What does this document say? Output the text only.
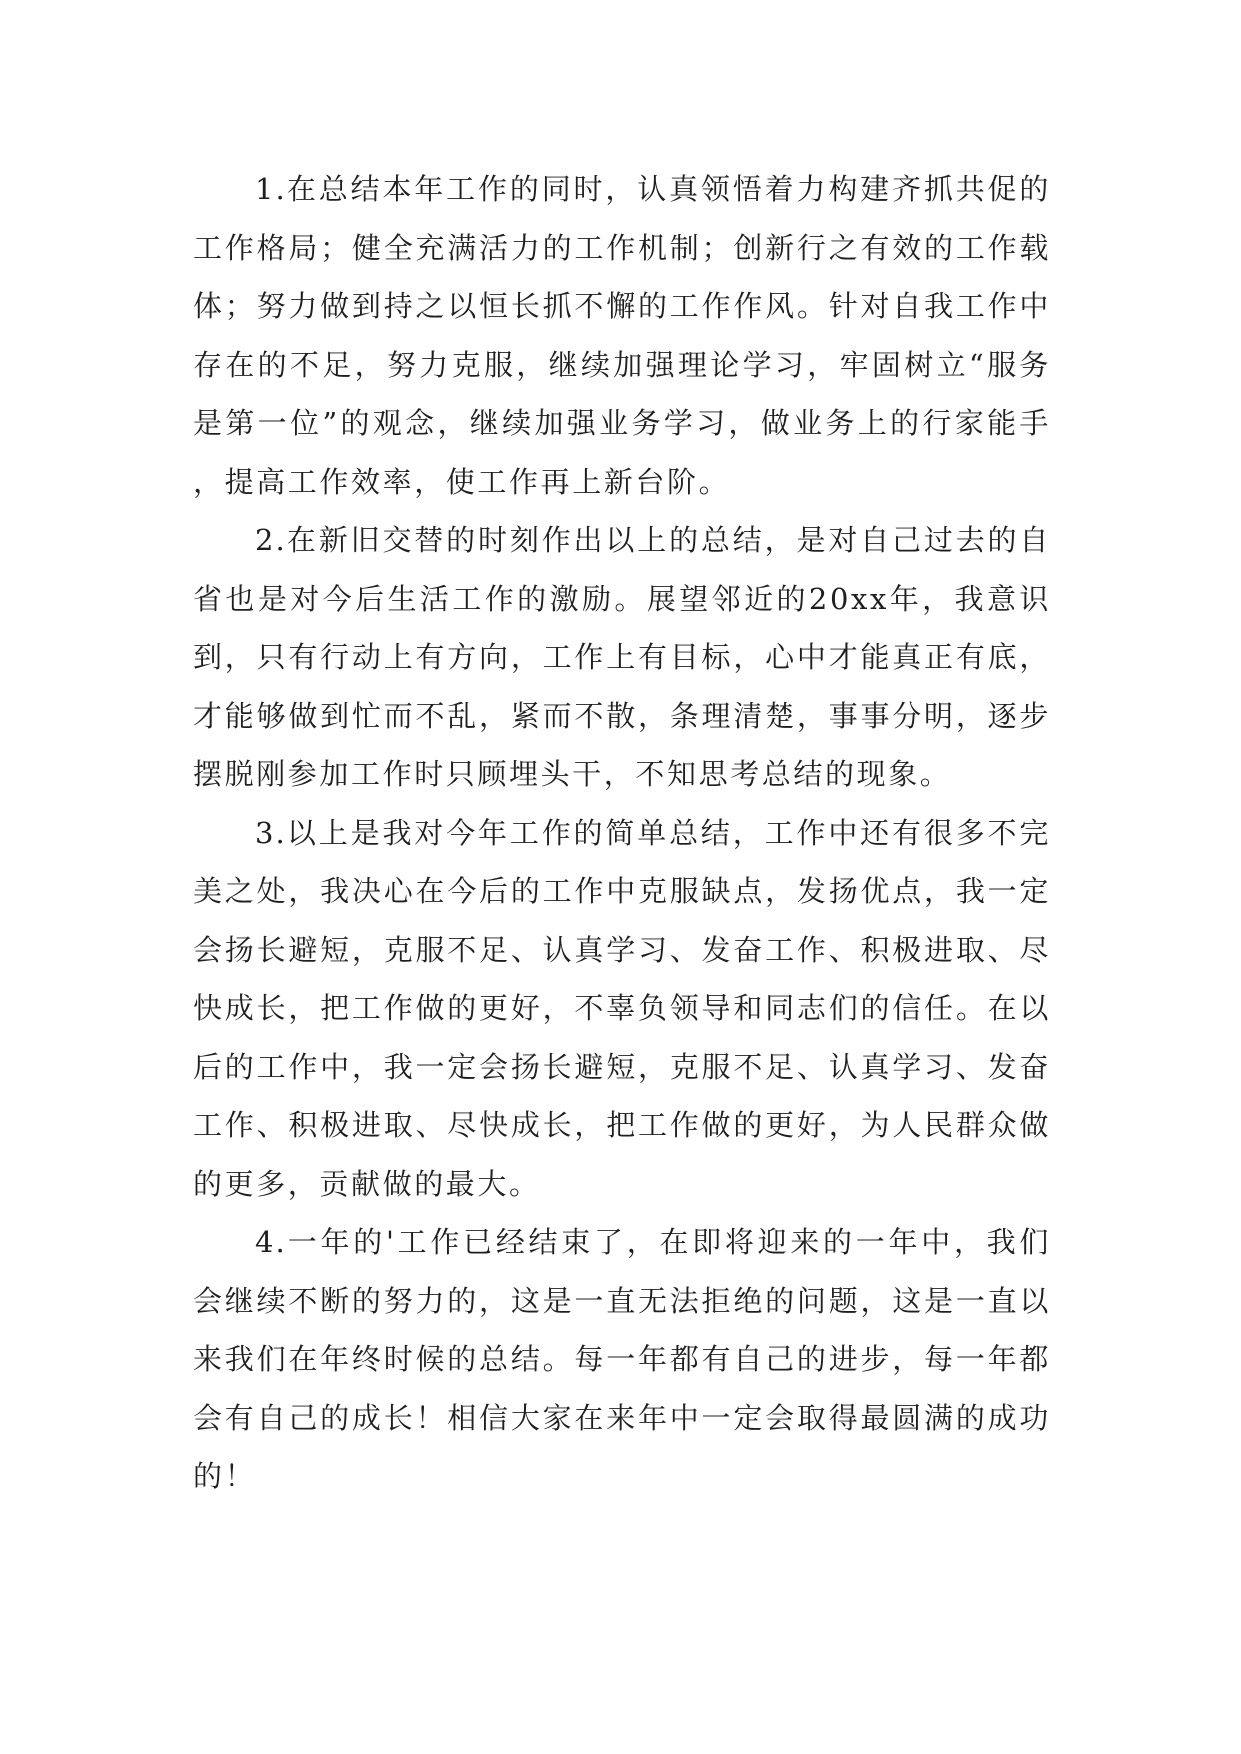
1.在总结本年工作的同时，认真领悟着力构建齐抓共促的工作格局；健全充满活力的工作机制；创新行之有效的工作载体；努力做到持之以恒长抓不懈的工作作风。针对自我工作中存在的不足，努力克服，继续加强理论学习，牢固树立“服务是第一位”的观念，继续加强业务学习，做业务上的行家能手，提高工作效率，使工作再上新台阶。

2.在新旧交替的时刻作出以上的总结，是对自己过去的自省也是对今后生活工作的激励。展望邻近的20xx年，我意识到，只有行动上有方向，工作上有目标，心中才能真正有底，才能够做到忙而不乱，紧而不散，条理清楚，事事分明，逐步摆脱刚参加工作时只顾埋头干，不知思考总结的现象。

3.以上是我对今年工作的简单总结，工作中还有很多不完美之处，我决心在今后的工作中克服缺点，发扬优点，我一定会扬长避短，克服不足、认真学习、发奋工作、积极进取、尽快成长，把工作做的更好，不辜负领导和同志们的信任。在以后的工作中，我一定会扬长避短，克服不足、认真学习、发奋工作、积极进取、尽快成长，把工作做的更好，为人民群众做的更多，贡献做的最大。

4.一年的'工作已经结束了，在即将迎来的一年中，我们会继续不断的努力的，这是一直无法拒绝的问题，这是一直以来我们在年终时候的总结。每一年都有自己的进步，每一年都会有自己的成长！相信大家在来年中一定会取得最圆满的成功的！
